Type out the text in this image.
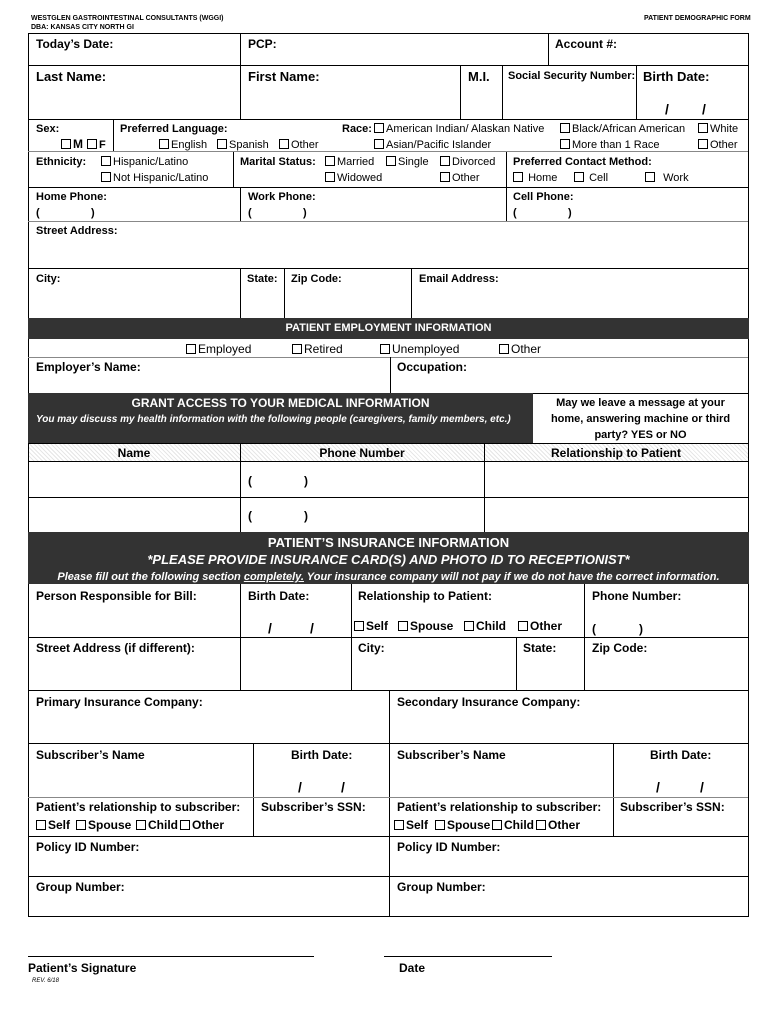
WESTGLEN GASTROINTESTINAL CONSULTANTS (WGGI)
DBA: KANSAS CITY NORTH GI
PATIENT DEMOGRAPHIC FORM
Today’s Date:	PCP:	Account #:
Last Name:	First Name:	M.I. Social Security Number: Birth Date:
/ /
Sex:
M	F
Preferred Language:
English	Spanish	Other
Race:	American Indian/ Alaskan Native	Black/African American	White
Asian/Pacific Islander	More than 1 Race	Other
Ethnicity:	Hispanic/Latino
Not Hispanic/Latino
Marital Status:	Married	Single	Divorced
Widowed	Other
Preferred Contact Method:
Home	Cell	Work
Home Phone:
(	)
Work Phone:
(	)
Cell Phone:
(	)
Street Address:
City:	State: Zip Code:	Email Address:
PATIENT EMPLOYMENT INFORMATION
Employed	Retired	Unemployed	Other
Employer’s Name:	Occupation:
GRANT ACCESS TO YOUR MEDICAL INFORMATION
You may discuss my health information with the following people (caregivers, family members, etc.)
May we leave a message at your
home, answering machine or third
party? YES or NO
Name	Phone Number	Relationship to Patient
(	)
(	)
PATIENT’S INSURANCE INFORMATION
*PLEASE PROVIDE INSURANCE CARD(S) AND PHOTO ID TO RECEPTIONIST*
Please fill out the following section completely. Your insurance company will not pay if we do not have the correct information.
Person Responsible for Bill:	Birth Date:
/	/
Relationship to Patient:
Self	Spouse	Child	Other
Phone Number:
(	)
Street Address (if different):	City:	State:	Zip Code:
Primary Insurance Company:	Secondary Insurance Company:
Subscriber’s Name	Birth Date:
/	/
Subscriber’s Name	Birth Date:
/	/
Patient’s relationship to subscriber:
Self	Spouse	Child	Other
Subscriber’s SSN:	Patient’s relationship to subscriber:
Self	Spouse	Child	Other
Subscriber’s SSN:
Policy ID Number:	Policy ID Number:
Group Number:	Group Number:
Patient’s Signature	Date
REV. 6/18
